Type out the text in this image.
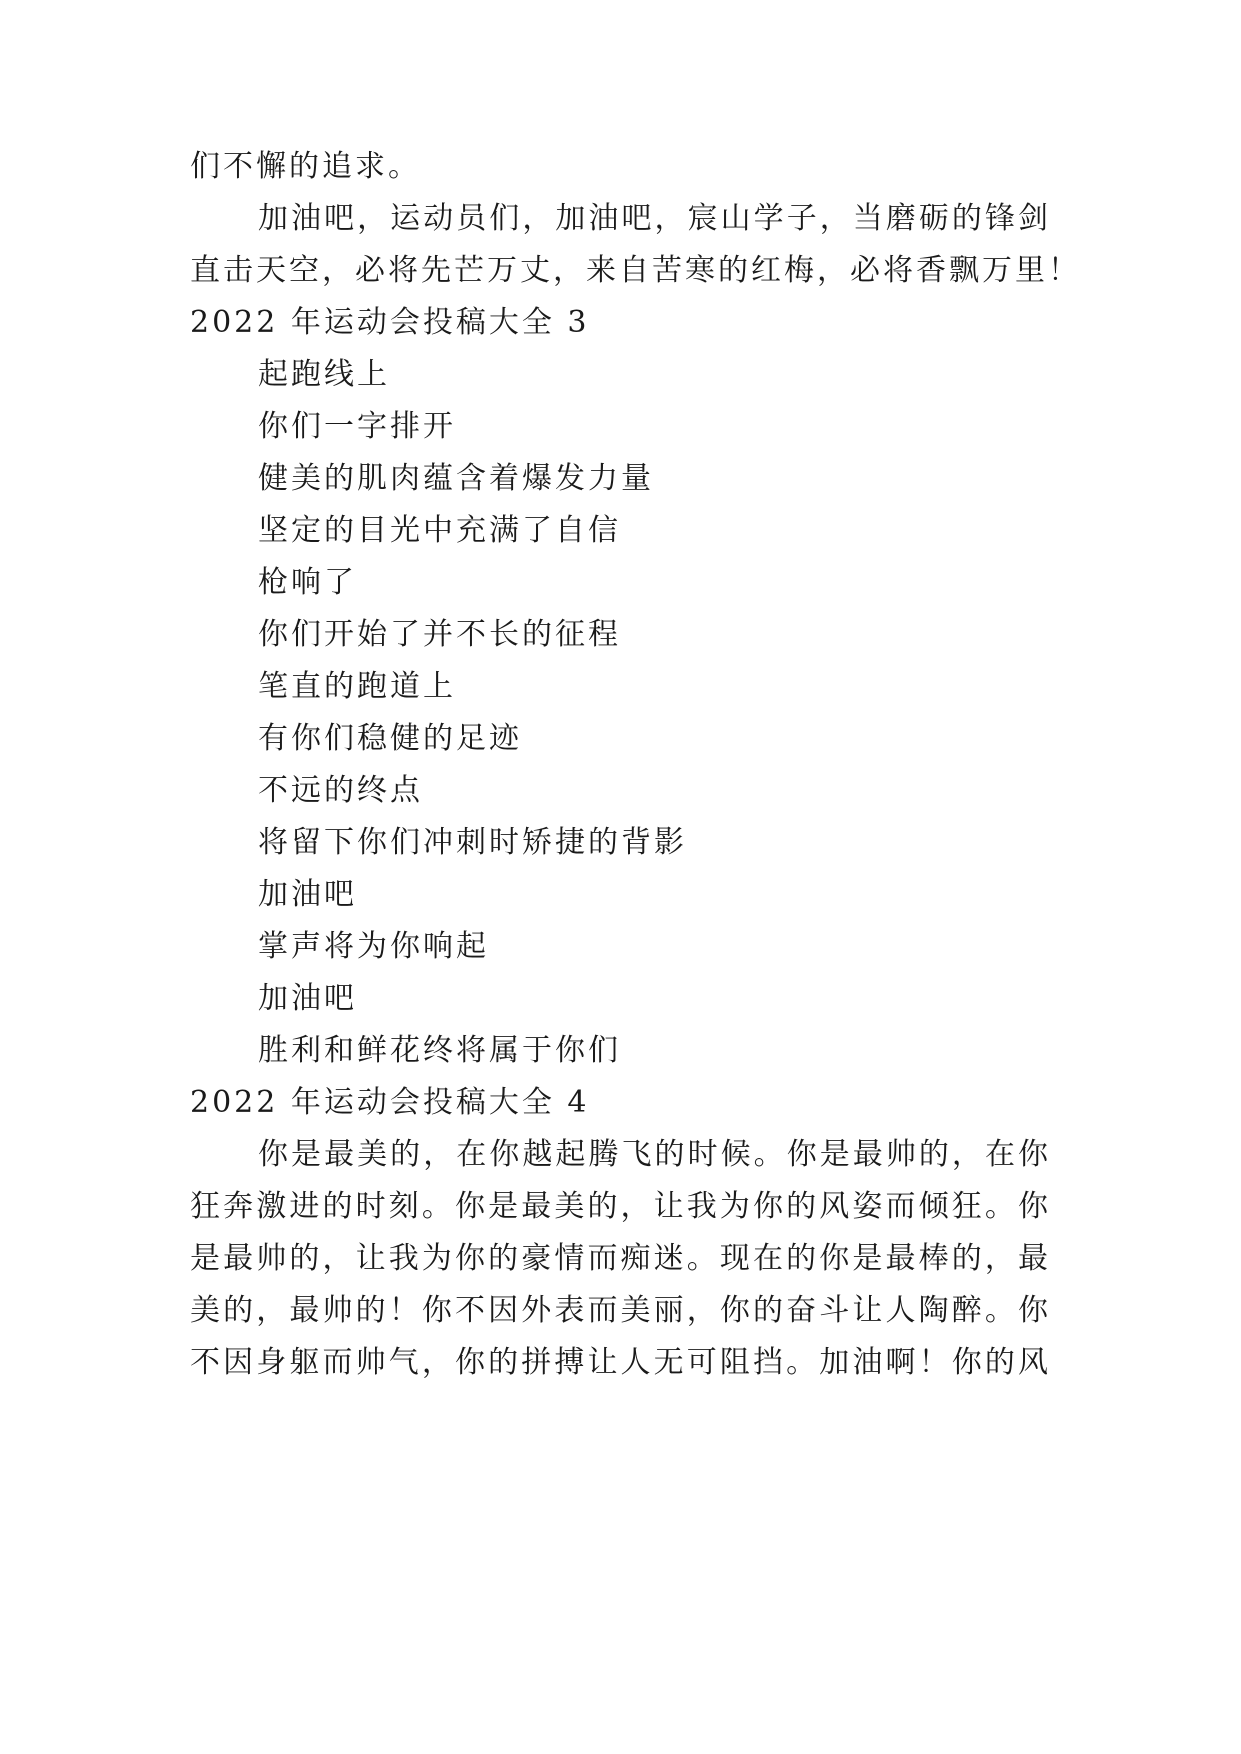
们不懈的追求。
加油吧，运动员们，加油吧，宸山学子，当磨砺的锋剑
直击天空，必将先芒万丈，来自苦寒的红梅，必将香飘万里！
2022 年运动会投稿大全 3
起跑线上
你们一字排开
健美的肌肉蕴含着爆发力量
坚定的目光中充满了自信
枪响了
你们开始了并不长的征程
笔直的跑道上
有你们稳健的足迹
不远的终点
将留下你们冲刺时矫捷的背影
加油吧
掌声将为你响起
加油吧
胜利和鲜花终将属于你们
2022 年运动会投稿大全 4
你是最美的，在你越起腾飞的时候。你是最帅的，在你
狂奔激进的时刻。你是最美的，让我为你的风姿而倾狂。你
是最帅的，让我为你的豪情而痴迷。现在的你是最棒的，最
美的，最帅的！你不因外表而美丽，你的奋斗让人陶醉。你
不因身躯而帅气，你的拼搏让人无可阻挡。加油啊！你的风
